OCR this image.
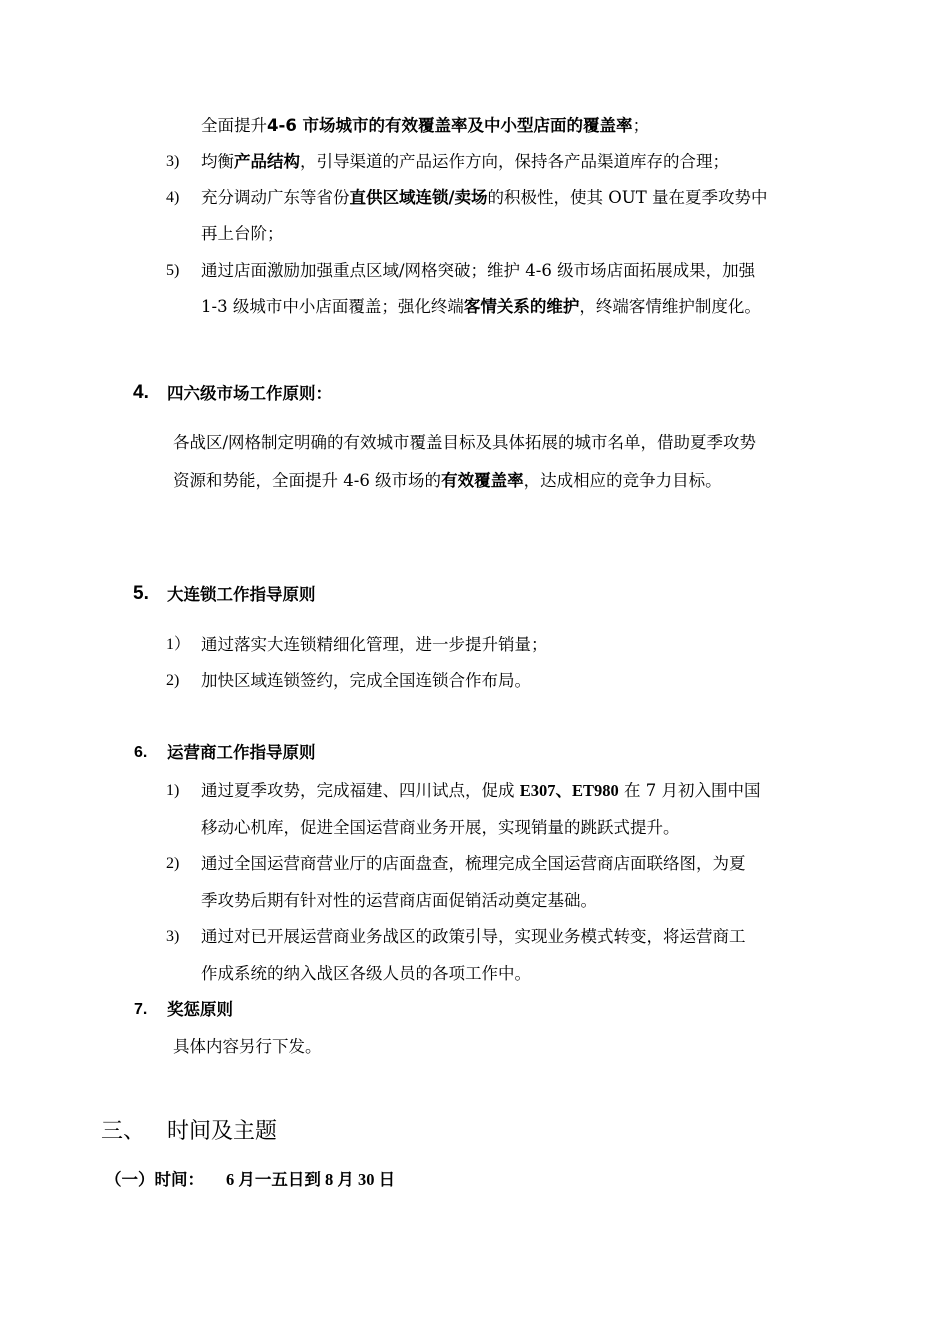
全面提升4-6 市场城市的有效覆盖率及中小型店面的覆盖率；
3) 均衡产品结构，引导渠道的产品运作方向，保持各产品渠道库存的合理；
4) 充分调动广东等省份直供区域连锁/卖场的积极性，使其 OUT 量在夏季攻势中
再上台阶；
5) 通过店面激励加强重点区域/网格突破；维护 4-6 级市场店面拓展成果，加强
1-3 级城市中小店面覆盖；强化终端客情关系的维护，终端客情维护制度化。
4. 四六级市场工作原则：
各战区/网格制定明确的有效城市覆盖目标及具体拓展的城市名单，借助夏季攻势
资源和势能，全面提升 4-6 级市场的有效覆盖率，达成相应的竞争力目标。
5. 大连锁工作指导原则
1） 通过落实大连锁精细化管理，进一步提升销量；
2) 加快区域连锁签约，完成全国连锁合作布局。
6. 运营商工作指导原则
1) 通过夏季攻势，完成福建、四川试点，促成 E307、ET980 在 7 月初入围中国
移动心机库，促进全国运营商业务开展，实现销量的跳跃式提升。
2) 通过全国运营商营业厅的店面盘查，梳理完成全国运营商店面联络图，为夏
季攻势后期有针对性的运营商店面促销活动奠定基础。
3) 通过对已开展运营商业务战区的政策引导，实现业务模式转变，将运营商工
作成系统的纳入战区各级人员的各项工作中。
7. 奖惩原则
具体内容另行下发。
三、 时间及主题
（一）时间： 6 月一五日到 8 月 30 日
